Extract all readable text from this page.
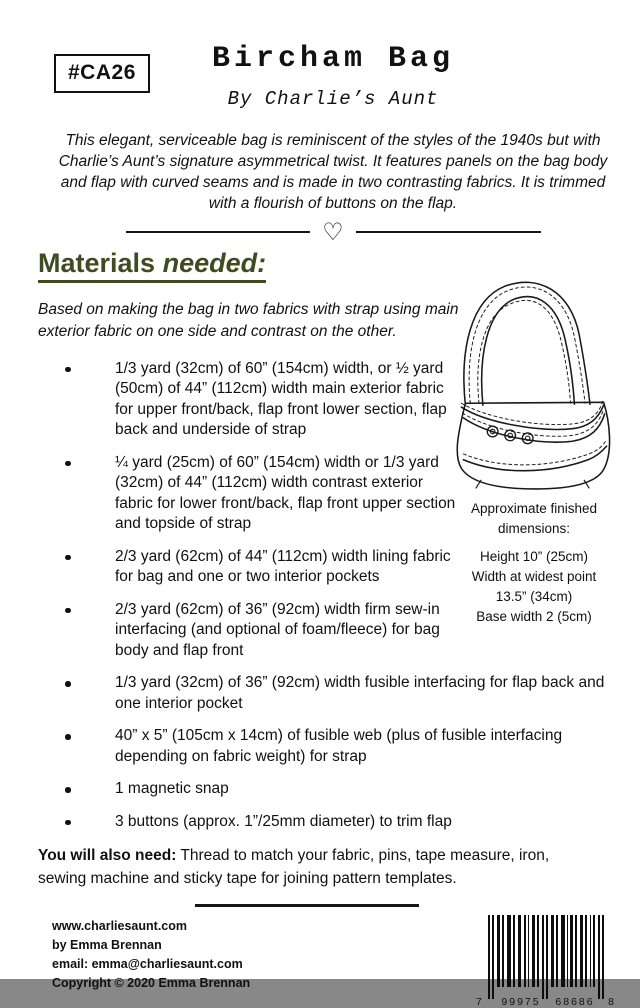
#CA26	Bircham Bag
By Charlie’s Aunt

This elegant, serviceable bag is reminiscent of the styles of the 1940s but with Charlie’s Aunt’s signature asymmetrical twist. It features panels on the bag body and flap with curved seams and is made in two contrasting fabrics. It is trimmed with a flourish of buttons on the flap.

♡
Materials needed:
Approximate finished
dimensions:
Height 10” (25cm)
Width at widest point
13.5” (34cm)
Base width 2 (5cm)

Based on making the bag in two fabrics with strap using main exterior fabric on one side and contrast on the other.

1/3 yard (32cm) of 60” (154cm) width, or ½ yard (50cm) of 44” (112cm) width main exterior fabric for upper front/back, flap front lower section, flap back and underside of strap
¼ yard (25cm) of 60” (154cm) width or 1/3 yard (32cm) of 44” (112cm) width contrast exterior fabric for lower front/back, flap front upper section and topside of strap
2/3 yard (62cm) of 44” (112cm) width lining fabric for bag and one or two interior pockets
2/3 yard (62cm) of 36” (92cm) width firm sew-in interfacing (and optional of foam/fleece) for bag body and flap front
1/3 yard (32cm) of 36” (92cm) width fusible interfacing for flap back and one interior pocket
40” x 5” (105cm x 14cm) of fusible web (plus of fusible interfacing depending on fabric weight) for strap
1 magnetic snap
3 buttons (approx. 1”/25mm diameter) to trim flap

You will also need: Thread to match your fabric, pins, tape measure, iron, sewing machine and sticky tape for joining pattern templates.

www.charliesaunt.com
by Emma Brennan
email: emma@charliesaunt.com
Copyright © 2020 Emma Brennan
7	99975	68686	8
